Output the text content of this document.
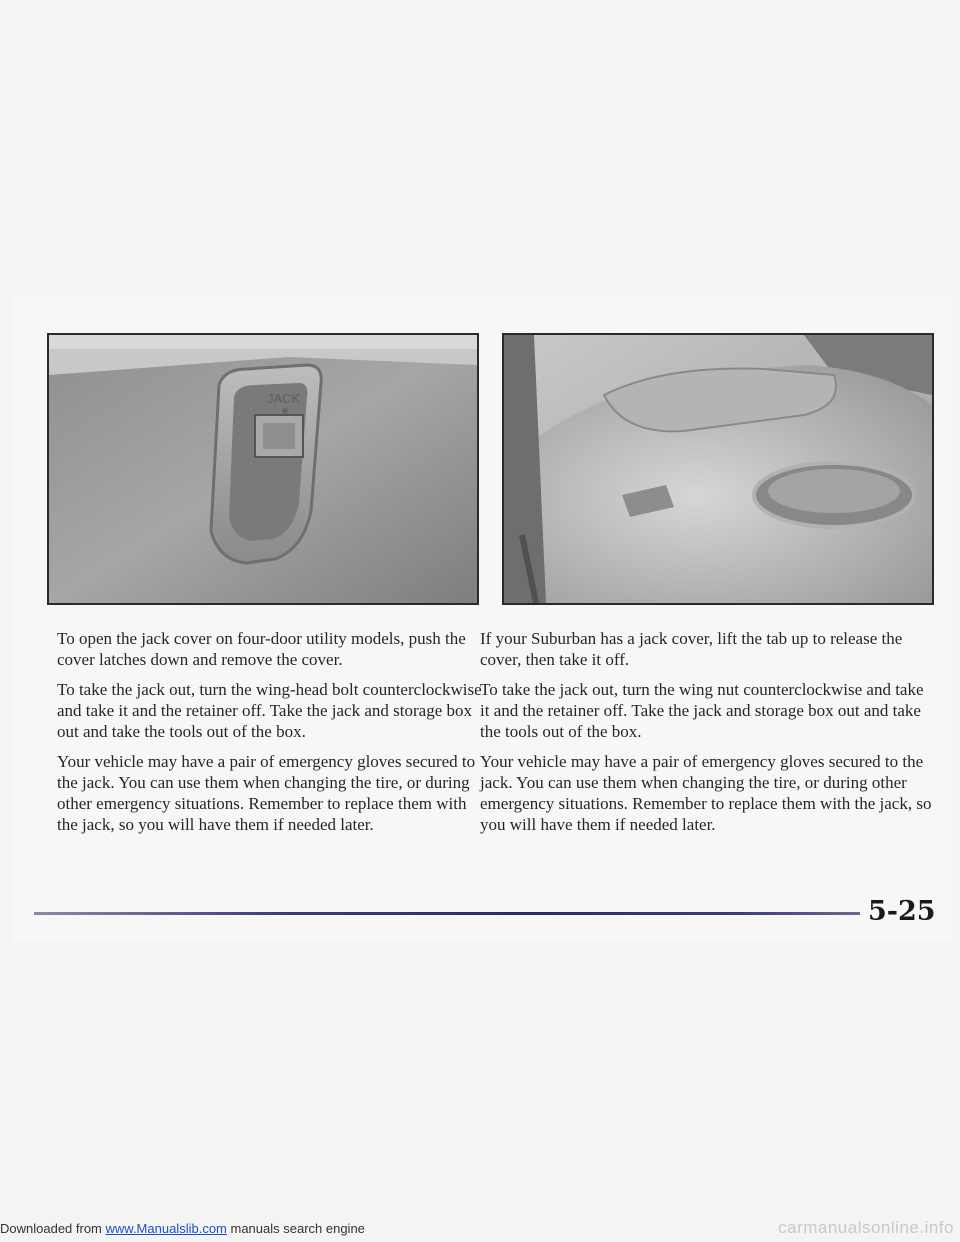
JACK

To open the jack cover on four-door utility models, push the cover latches down and remove the cover.

To take the jack out, turn the wing-head bolt counterclockwise and take it and the retainer off. Take the jack and storage box out and take the tools out of the box.

Your vehicle may have a pair of emergency gloves secured to the jack. You can use them when changing the tire, or during other emergency situations. Remember to replace them with the jack, so you will have them if needed later.

If your Suburban has a jack cover, lift the tab up to release the cover, then take it off.

To take the jack out, turn the wing nut counterclockwise and take it and the retainer off. Take the jack and storage box out and take the tools out of the box.

Your vehicle may have a pair of emergency gloves secured to the jack. You can use them when changing the tire, or during other emergency situations. Remember to replace them with the jack, so you will have them if needed later.

5-25
Downloaded from www.Manualslib.com manuals search engine	carmanualsonline.info
